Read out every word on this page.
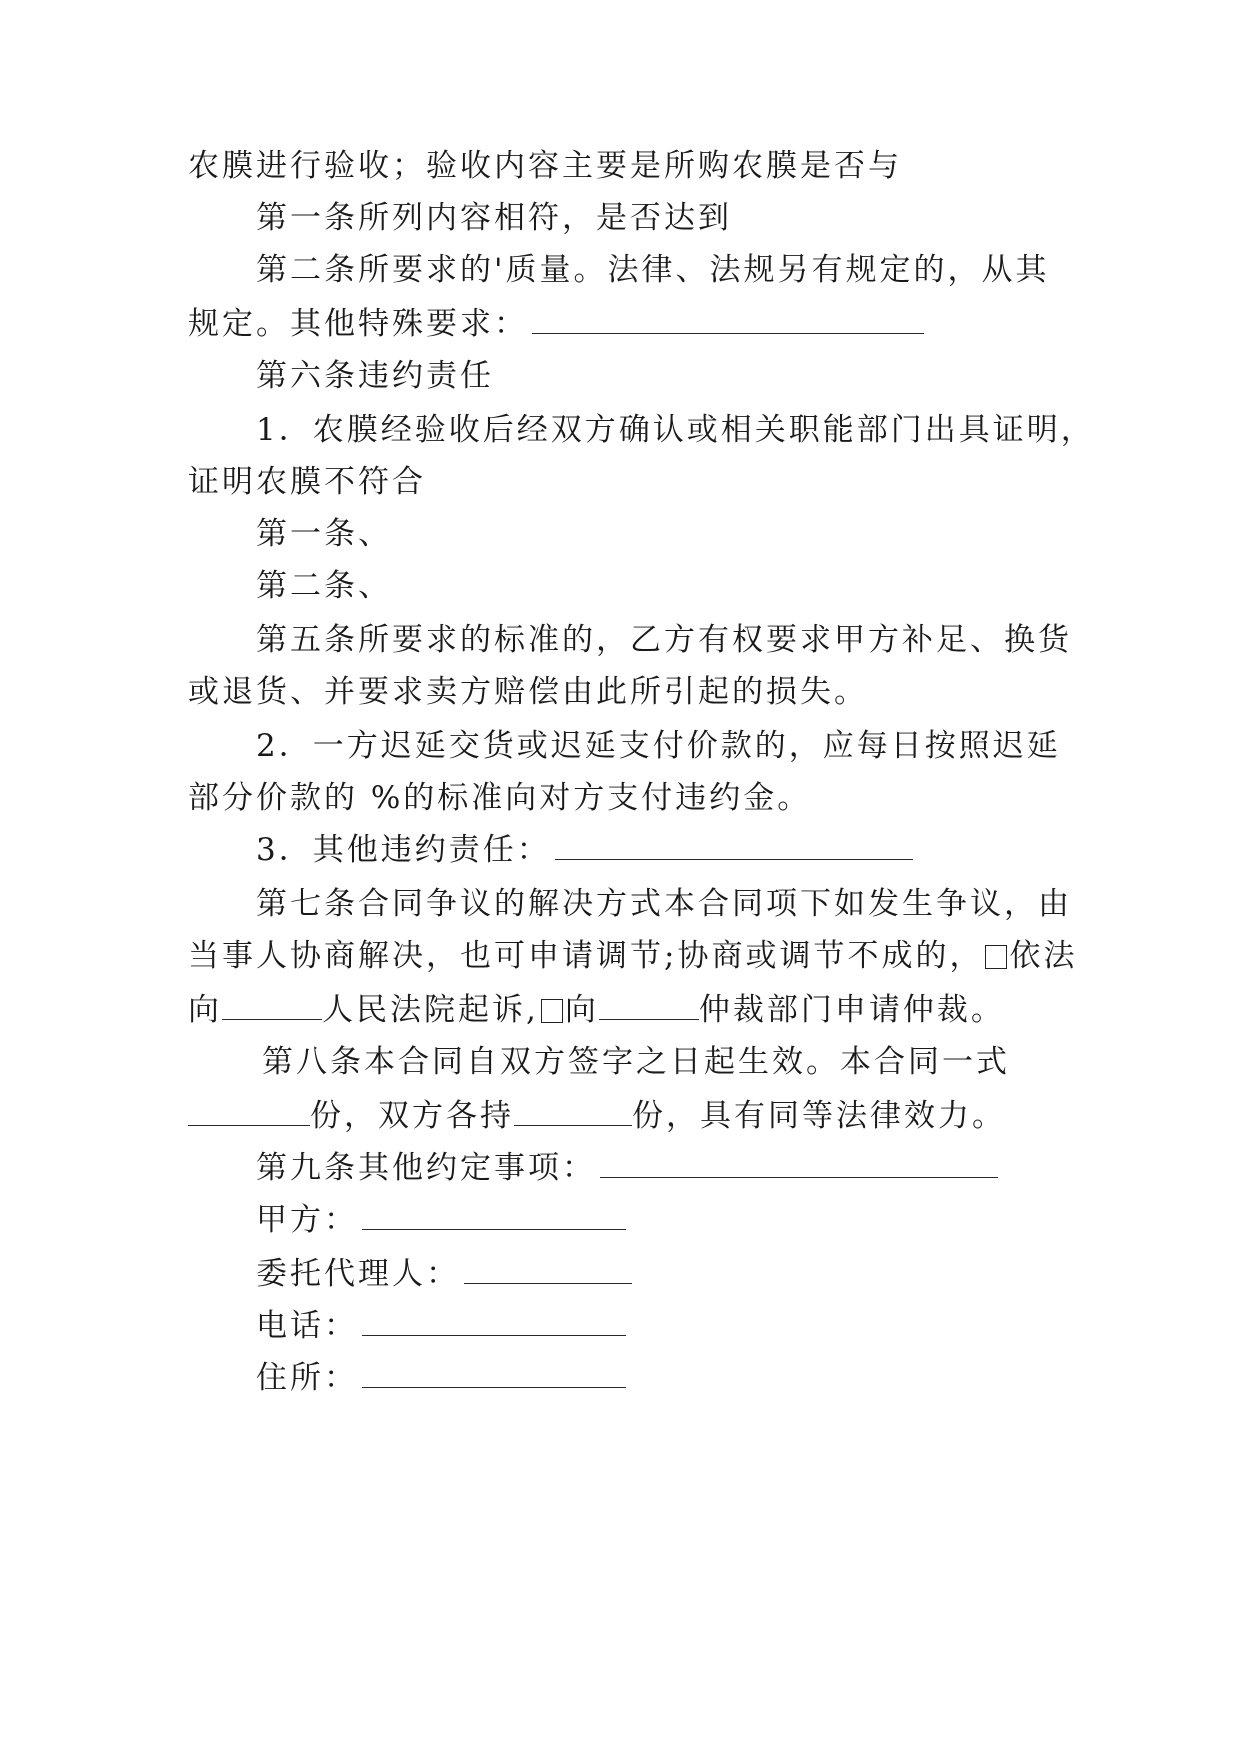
农膜进行验收；验收内容主要是所购农膜是否与
第一条所列内容相符，是否达到
第二条所要求的'质量。法律、法规另有规定的，从其
规定。其他特殊要求：
第六条违约责任
1．农膜经验收后经双方确认或相关职能部门出具证明，
证明农膜不符合
第一条、
第二条、
第五条所要求的标准的，乙方有权要求甲方补足、换货
或退货、并要求卖方赔偿由此所引起的损失。
2．一方迟延交货或迟延支付价款的，应每日按照迟延
部分价款的 %的标准向对方支付违约金。
3．其他违约责任：
第七条合同争议的解决方式本合同项下如发生争议，由
当事人协商解决，也可申请调节;协商或调节不成的， 依法
向	人民法院起诉, 向	仲裁部门申请仲裁。
第八条本合同自双方签字之日起生效。本合同一式
份，双方各持	份，具有同等法律效力。
第九条其他约定事项：
甲方：
委托代理人：
电话：
住所：
